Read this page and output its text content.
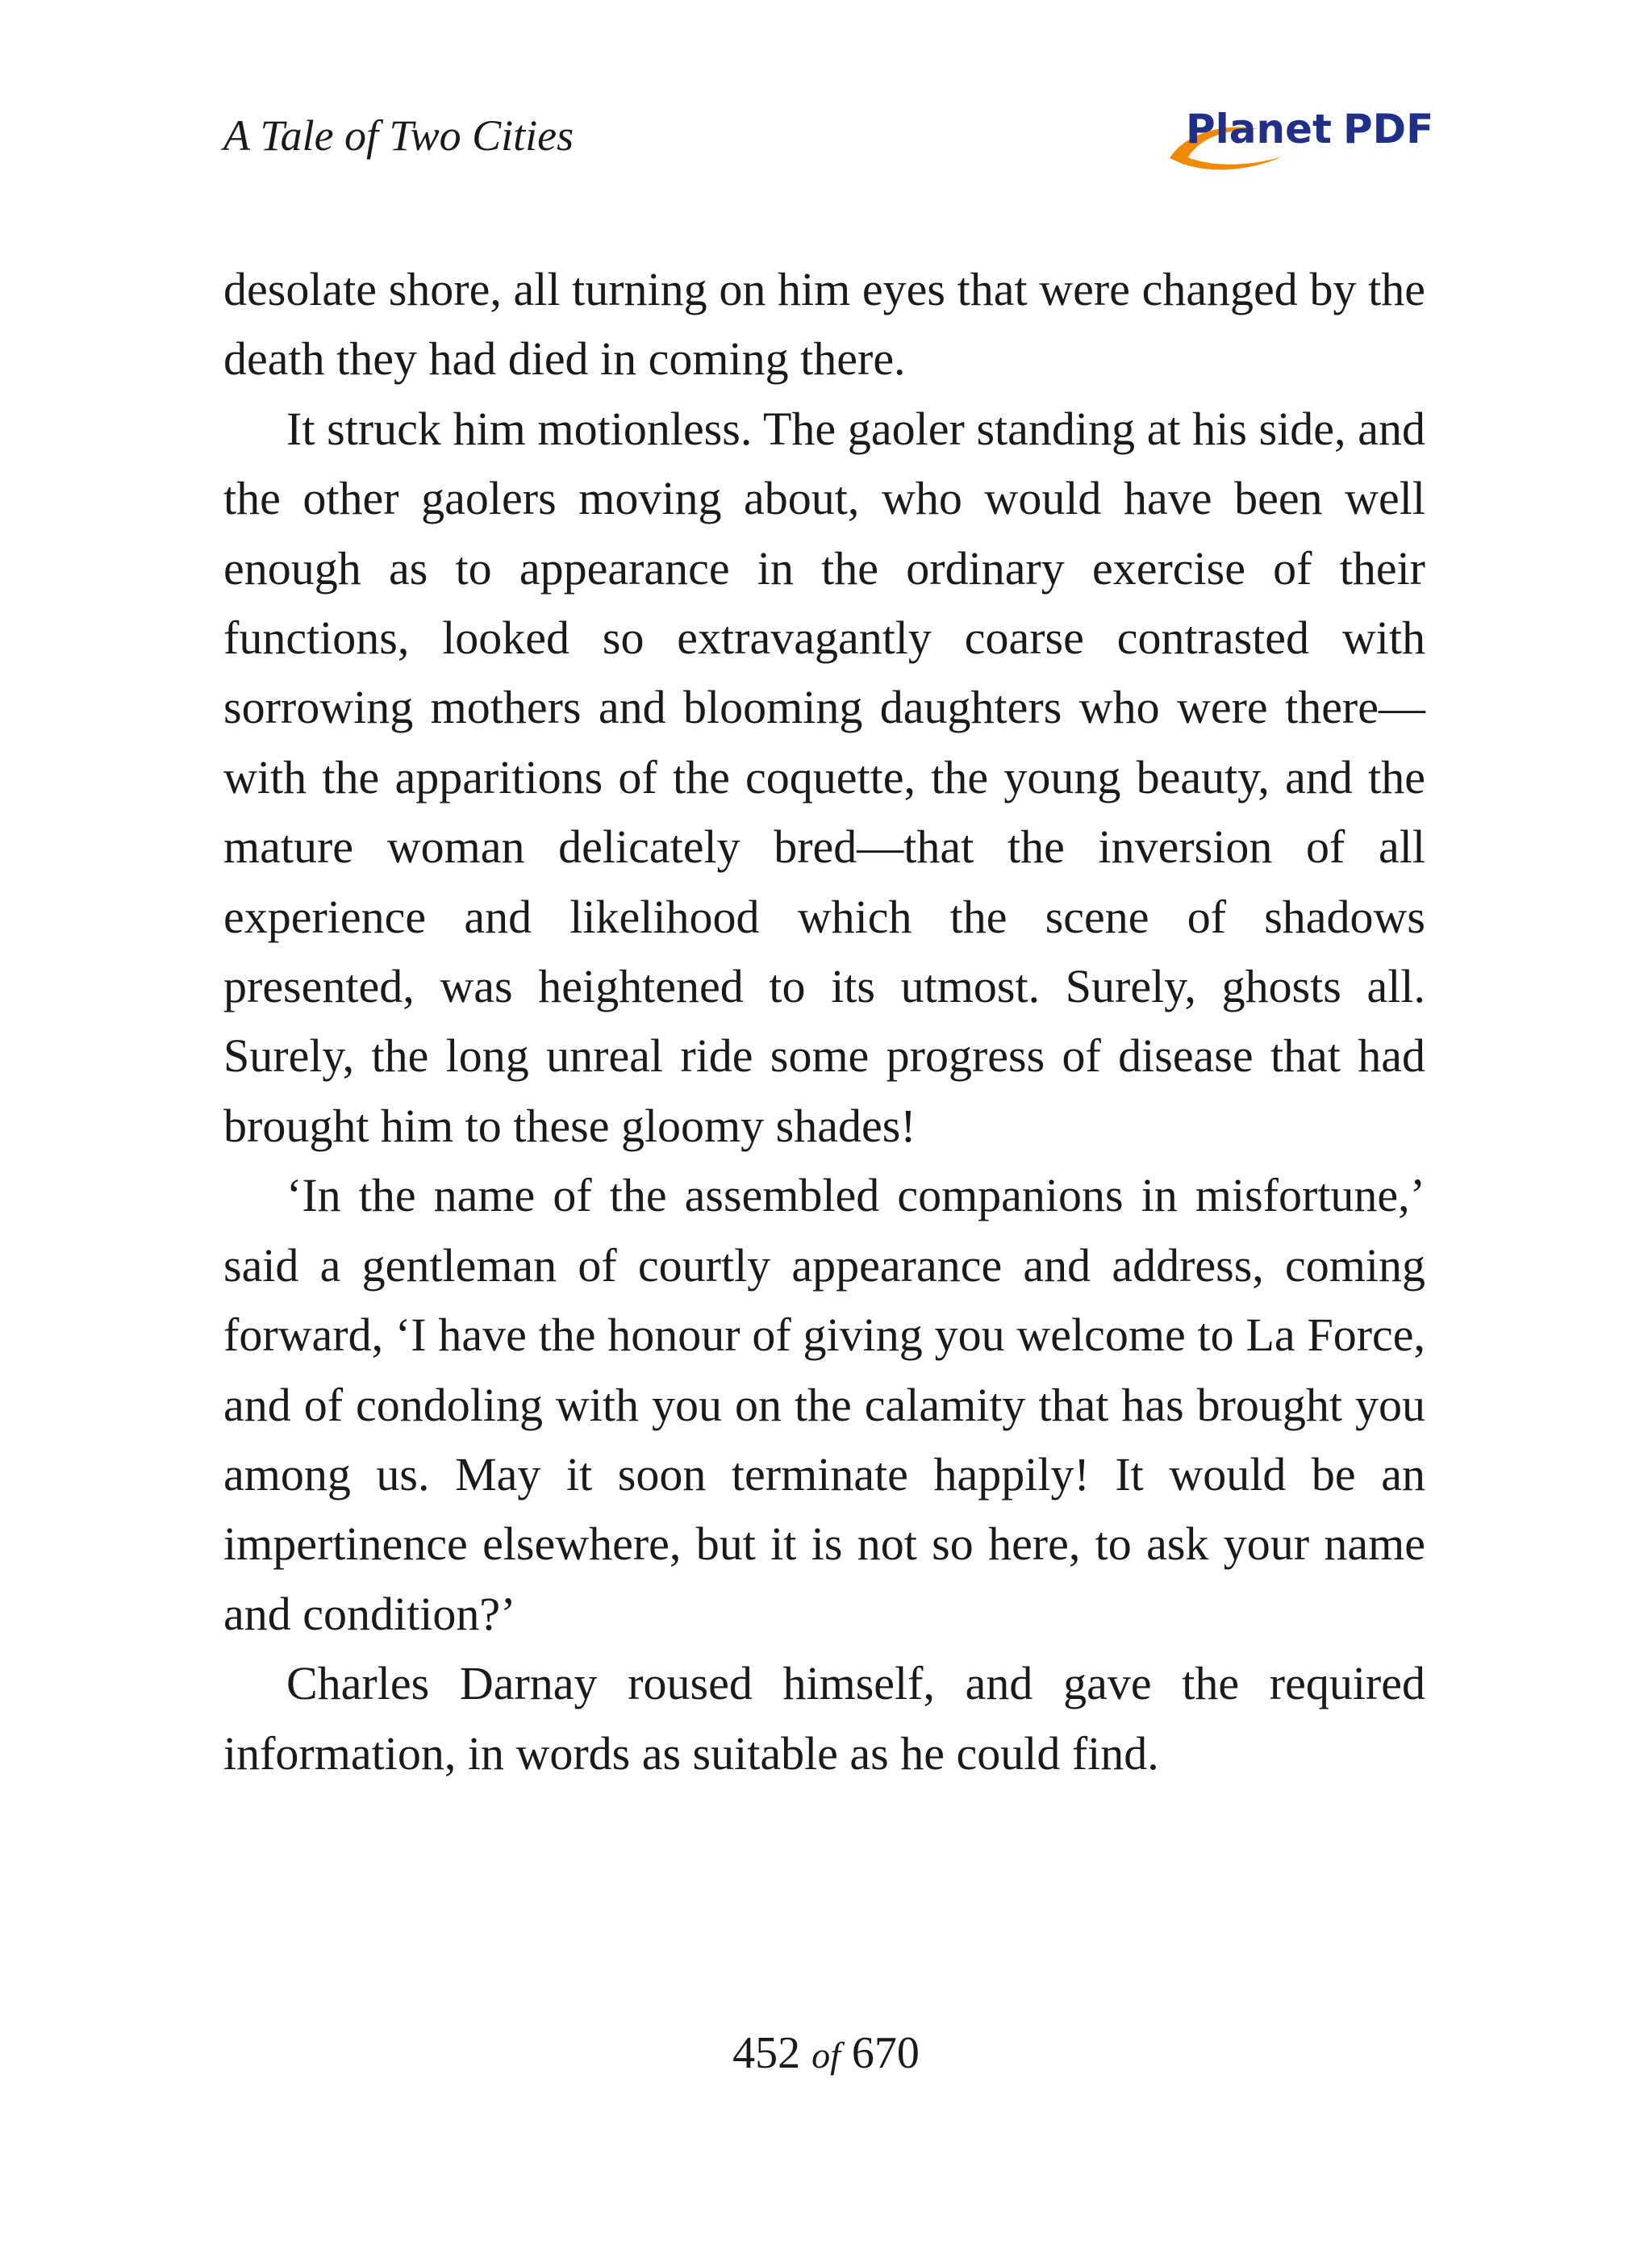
A Tale of Two Cities	Planet PDF

desolate shore, all turning on him eyes that were changed by the death they had died in coming there.

It struck him motionless. The gaoler standing at his side, and the other gaolers moving about, who would have been well enough as to appearance in the ordinary exercise of their functions, looked so extravagantly coarse contrasted with sorrowing mothers and blooming daughters who were there—with the apparitions of the coquette, the young beauty, and the mature woman delicately bred—that the inversion of all experience and likelihood which the scene of shadows presented, was heightened to its utmost. Surely, ghosts all. Surely, the long unreal ride some progress of disease that had brought him to these gloomy shades!

‘In the name of the assembled companions in misfortune,’ said a gentleman of courtly appearance and address, coming forward, ‘I have the honour of giving you welcome to La Force, and of condoling with you on the calamity that has brought you among us. May it soon terminate happily! It would be an impertinence elsewhere, but it is not so here, to ask your name and condition?’

Charles Darnay roused himself, and gave the required information, in words as suitable as he could find.

452 of 670
